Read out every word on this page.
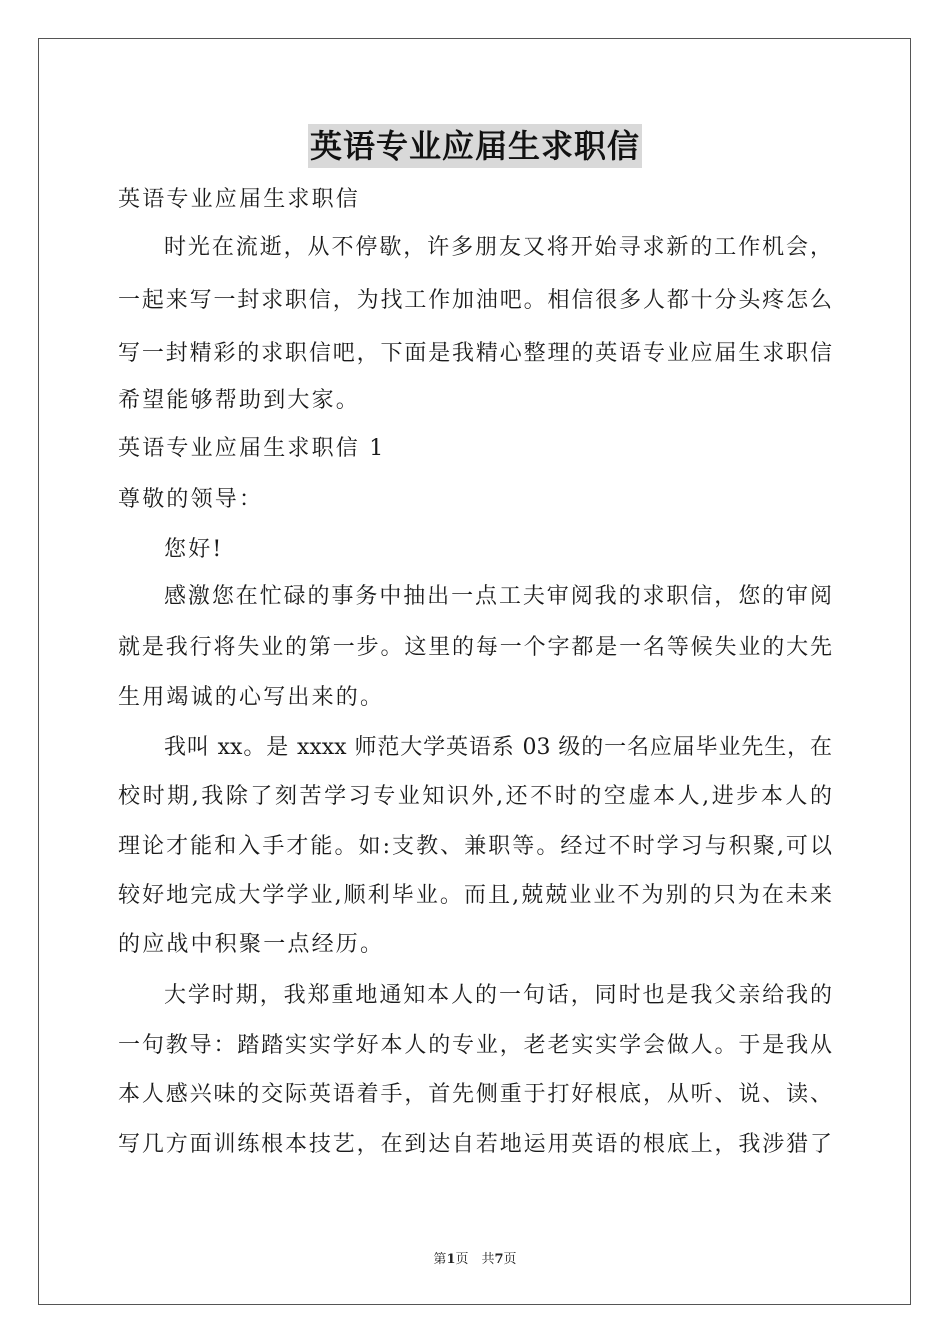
英语专业应届生求职信
英语专业应届生求职信
时光在流逝，从不停歇，许多朋友又将开始寻求新的工作机会，
一起来写一封求职信，为找工作加油吧。相信很多人都十分头疼怎么
写一封精彩的求职信吧，下面是我精心整理的英语专业应届生求职信
希望能够帮助到大家。
英语专业应届生求职信 1
尊敬的领导：
您好!
感激您在忙碌的事务中抽出一点工夫审阅我的求职信，您的审阅
就是我行将失业的第一步。这里的每一个字都是一名等候失业的大先
生用竭诚的心写出来的。
我叫 xx。是 xxxx 师范大学英语系 03 级的一名应届毕业先生，在
校时期,我除了刻苦学习专业知识外,还不时的空虚本人,进步本人的
理论才能和入手才能。如:支教、兼职等。经过不时学习与积聚,可以
较好地完成大学学业,顺利毕业。而且,兢兢业业不为别的只为在未来
的应战中积聚一点经历。
大学时期，我郑重地通知本人的一句话，同时也是我父亲给我的
一句教导：踏踏实实学好本人的专业，老老实实学会做人。于是我从
本人感兴味的交际英语着手，首先侧重于打好根底，从听、说、读、
写几方面训练根本技艺，在到达自若地运用英语的根底上，我涉猎了
第1页　共7页
